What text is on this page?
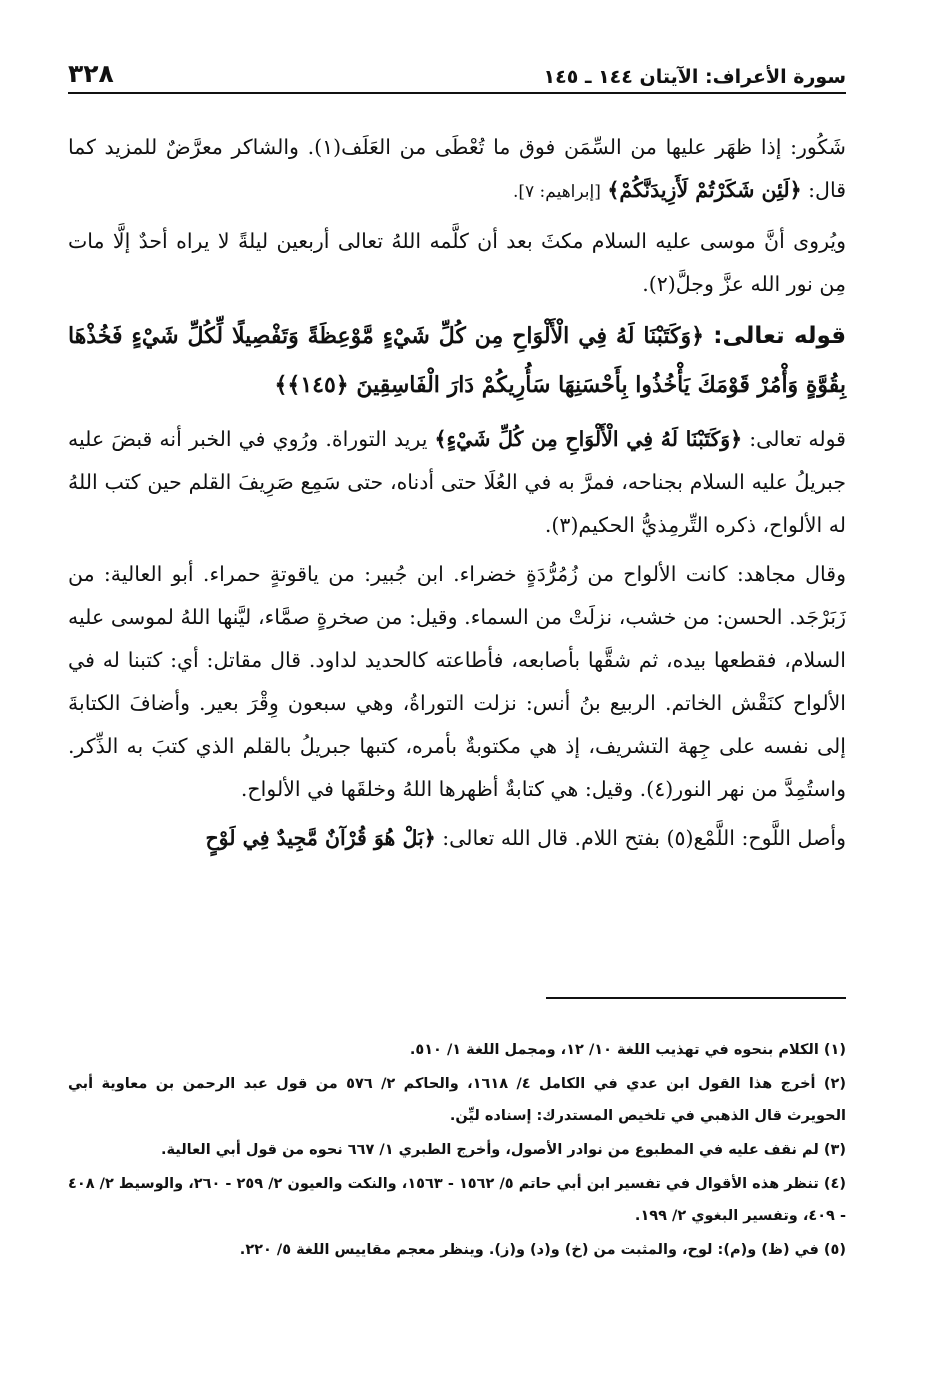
سورة الأعراف: الآيتان ١٤٤ ـ ١٤٥
٣٢٨

شَكُور: إذا ظهَر عليها من السِّمَن فوق ما تُعْطَى من العَلَف(١). والشاكر معرَّضٌ للمزيد كما قال: ﴿لَئِن شَكَرْتُمْ لَأَزِيدَنَّكُمْ﴾ [إبراهيم: ٧].

ويُروى أنَّ موسى عليه السلام مكثَ بعد أن كلَّمه اللهُ تعالى أربعين ليلةً لا يراه أحدٌ إلَّا مات مِن نور الله عزَّ وجلَّ(٢).

قوله تعالى: ﴿وَكَتَبْنَا لَهُ فِي الْأَلْوَاحِ مِن كُلِّ شَيْءٍ مَّوْعِظَةً وَتَفْصِيلًا لِّكُلِّ شَيْءٍ فَخُذْهَا بِقُوَّةٍ وَأْمُرْ قَوْمَكَ يَأْخُذُوا بِأَحْسَنِهَا سَأُرِيكُمْ دَارَ الْفَاسِقِينَ ﴿١٤٥﴾﴾

قوله تعالى: ﴿وَكَتَبْنَا لَهُ فِي الْأَلْوَاحِ مِن كُلِّ شَيْءٍ﴾ يريد التوراة. ورُوي في الخبر أنه قبضَ عليه جبريلُ عليه السلام بجناحه، فمرَّ به في العُلَا حتى أدناه، حتى سَمِع صَرِيفَ القلم حين كتب اللهُ له الألواح، ذكره التِّرمِذيُّ الحكيم(٣).

وقال مجاهد: كانت الألواح من زُمُرُّدَةٍ خضراء. ابن جُبير: من ياقوتةٍ حمراء. أبو العالية: من زَبَرْجَد. الحسن: من خشب، نزلَتْ من السماء. وقيل: من صخرةٍ صمَّاء، ليَّنها اللهُ لموسى عليه السلام، فقطعها بيده، ثم شقَّها بأصابعه، فأطاعته كالحديد لداود. قال مقاتل: أي: كتبنا له في الألواح كنَقْش الخاتم. الربيع بنُ أنس: نزلت التوراةُ، وهي سبعون وِقْرَ بعير. وأضافَ الكتابةَ إلى نفسه على جِهة التشريف، إذ هي مكتوبةٌ بأمره، كتبها جبريلُ بالقلم الذي كتبَ به الذِّكر. واستُمِدَّ من نهر النور(٤). وقيل: هي كتابةٌ أظهرها اللهُ وخلقَها في الألواح.

وأصل اللَّوح: اللَّمْع(٥) بفتح اللام. قال الله تعالى: ﴿بَلْ هُوَ قُرْآنٌ مَّجِيدٌ فِي لَوْحٍ

(١) الكلام بنحوه في تهذيب اللغة ١٠/ ١٢، ومجمل اللغة ١/ ٥١٠.

(٢) أخرج هذا القول ابن عدي في الكامل ٤/ ١٦١٨، والحاكم ٢/ ٥٧٦ من قول عبد الرحمن بن معاوية أبي الحويرث قال الذهبي في تلخيص المستدرك: إسناده ليِّن.

(٣) لم نقف عليه في المطبوع من نوادر الأصول، وأخرج الطبري ١/ ٦٦٧ نحوه من قول أبي العالية.

(٤) تنظر هذه الأقوال في تفسير ابن أبي حاتم ٥/ ١٥٦٢ - ١٥٦٣، والنكت والعيون ٢/ ٢٥٩ - ٢٦٠، والوسيط ٢/ ٤٠٨ - ٤٠٩، وتفسير البغوي ٢/ ١٩٩.

(٥) في (ظ) و(م): لوح، والمثبت من (خ) و(د) و(ز). وينظر معجم مقاييس اللغة ٥/ ٢٢٠.
